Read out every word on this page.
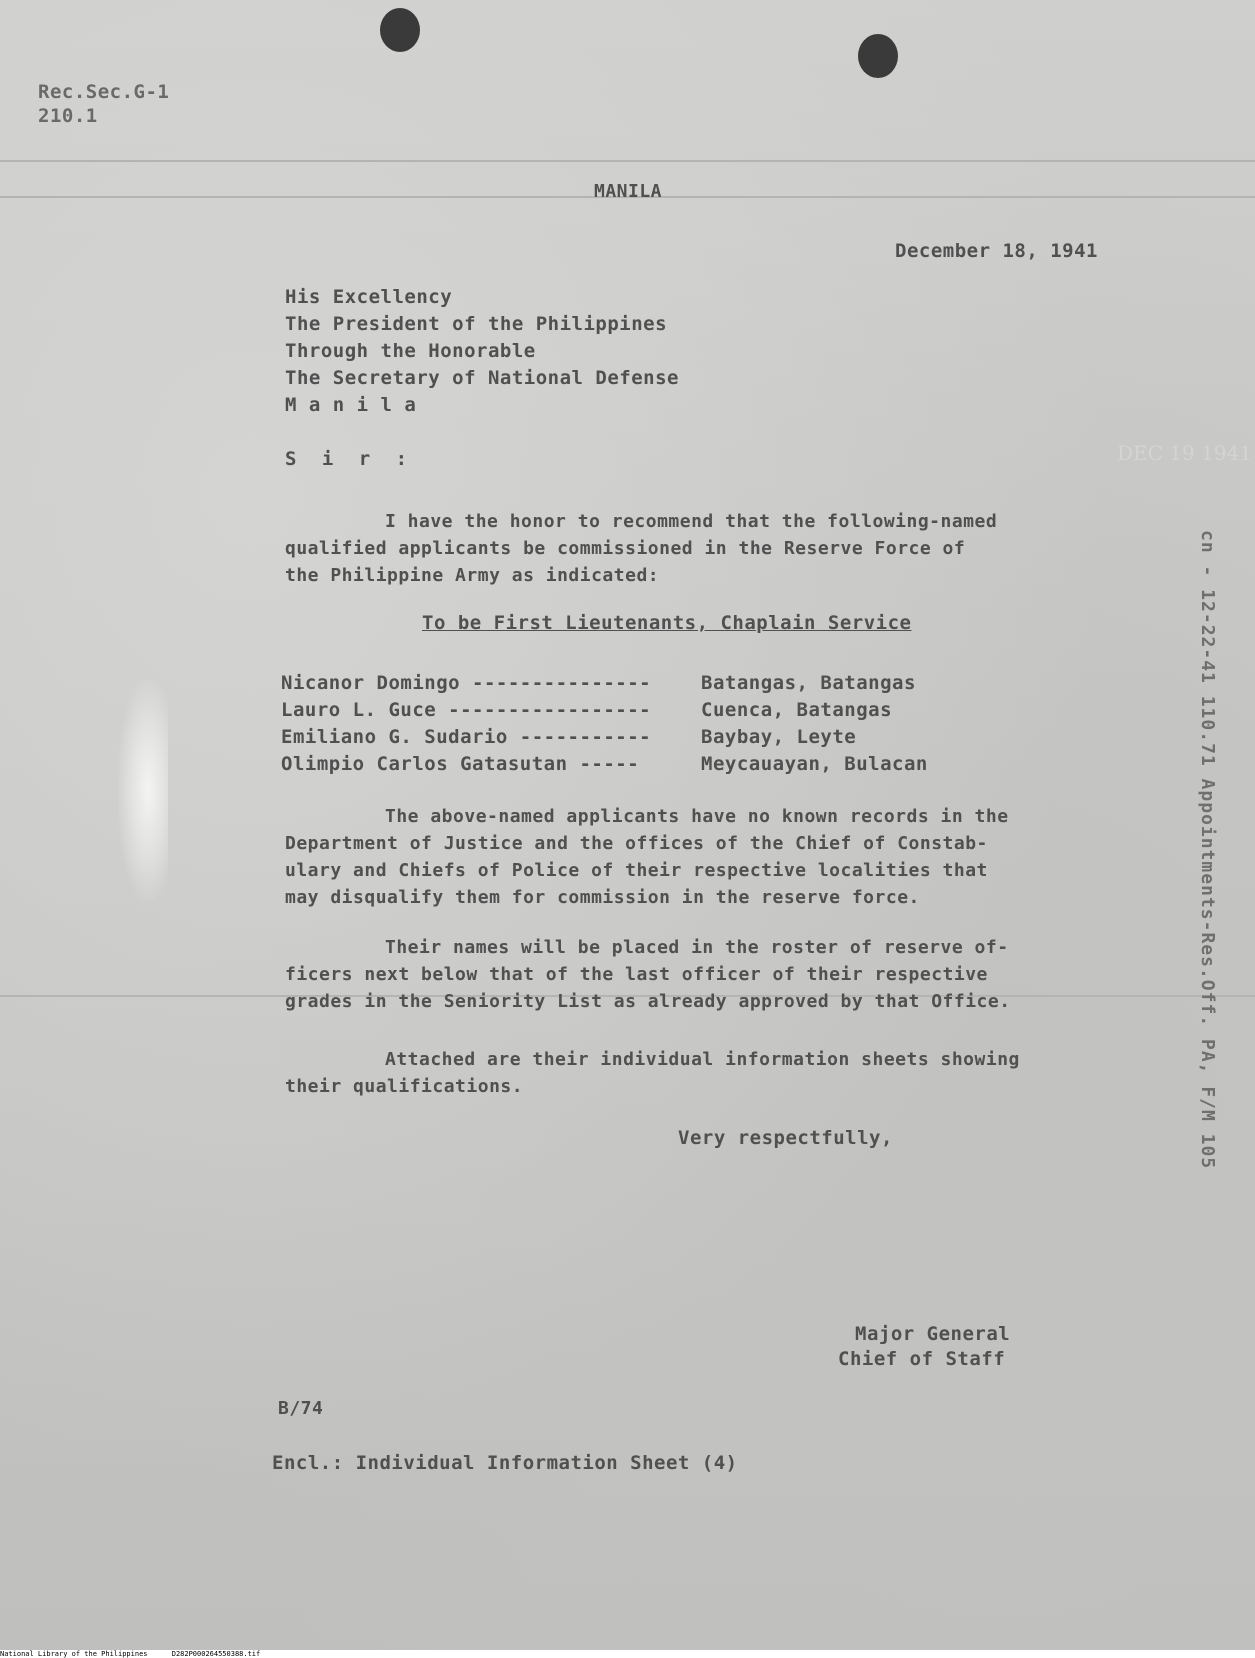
Rec.Sec.G-1
210.1
MANILA
December 18, 1941
His Excellency
The President of the Philippines
Through the Honorable
The Secretary of National Defense
M a n i l a
S i r :
I have the honor to recommend that the following-named
qualified applicants be commissioned in the Reserve Force of
the Philippine Army as indicated:
To be First Lieutenants, Chaplain Service
Nicanor Domingo ---------------	Batangas, Batangas
Lauro L. Guce -----------------	Cuenca, Batangas
Emiliano G. Sudario -----------	Baybay, Leyte
Olimpio Carlos Gatasutan -----	Meycauayan, Bulacan
The above-named applicants have no known records in the
Department of Justice and the offices of the Chief of Constab-
ulary and Chiefs of Police of their respective localities that
may disqualify them for commission in the reserve force.
Their names will be placed in the roster of reserve of-
ficers next below that of the last officer of their respective
grades in the Seniority List as already approved by that Office.
Attached are their individual information sheets showing
their qualifications.
Very respectfully,
Major General
Chief of Staff
B/74
Encl.: Individual Information Sheet (4)
DEC 19 1941
cn - 12-22-41 110.71 Appointments-Res.Off. PA, F/M 105
National Library of the Philippines	D282P000264550388.tif
